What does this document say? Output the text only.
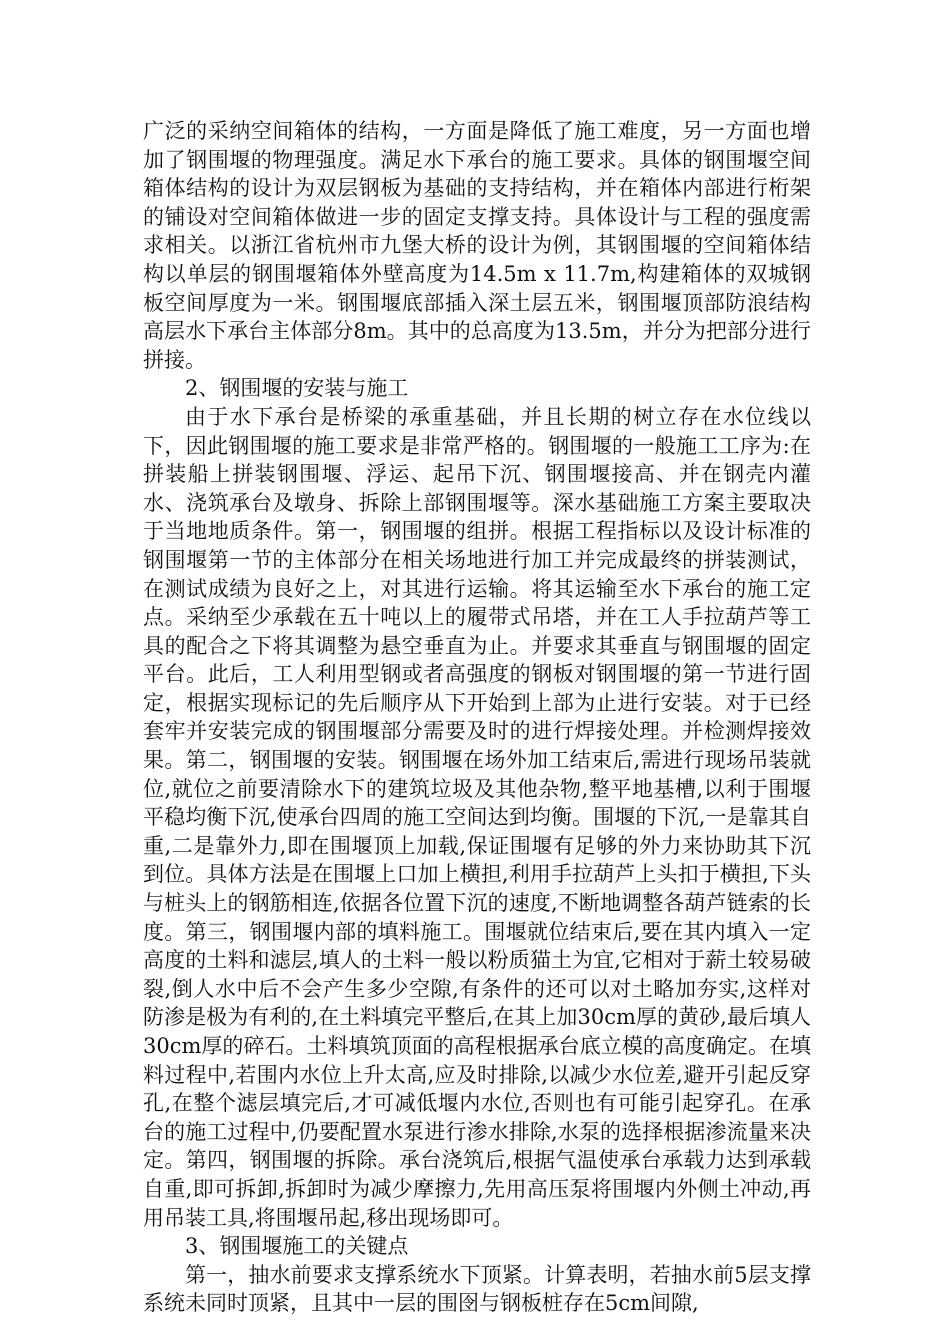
广泛的采纳空间箱体的结构，一方面是降低了施工难度，另一方面也增加了钢围堰的物理强度。满足水下承台的施工要求。具体的钢围堰空间箱体结构的设计为双层钢板为基础的支持结构，并在箱体内部进行桁架的铺设对空间箱体做进一步的固定支撑支持。具体设计与工程的强度需求相关。以浙江省杭州市九堡大桥的设计为例，其钢围堰的空间箱体结构以单层的钢围堰箱体外壁高度为14.5m x 11.7m,构建箱体的双城钢板空间厚度为一米。钢围堰底部插入深土层五米，钢围堰顶部防浪结构高层水下承台主体部分8m。其中的总高度为13.5m，并分为把部分进行拼接。

2、钢围堰的安装与施工

由于水下承台是桥梁的承重基础，并且长期的树立存在水位线以下，因此钢围堰的施工要求是非常严格的。钢围堰的一般施工工序为:在拼装船上拼装钢围堰、浮运、起吊下沉、钢围堰接高、并在钢壳内灌水、浇筑承台及墩身、拆除上部钢围堰等。深水基础施工方案主要取决于当地地质条件。第一，钢围堰的组拼。根据工程指标以及设计标准的钢围堰第一节的主体部分在相关场地进行加工并完成最终的拼装测试，在测试成绩为良好之上，对其进行运输。将其运输至水下承台的施工定点。采纳至少承载在五十吨以上的履带式吊塔，并在工人手拉葫芦等工具的配合之下将其调整为悬空垂直为止。并要求其垂直与钢围堰的固定平台。此后，工人利用型钢或者高强度的钢板对钢围堰的第一节进行固定，根据实现标记的先后顺序从下开始到上部为止进行安装。对于已经套牢并安装完成的钢围堰部分需要及时的进行焊接处理。并检测焊接效果。第二，钢围堰的安装。钢围堰在场外加工结束后,需进行现场吊装就位,就位之前要清除水下的建筑垃圾及其他杂物,整平地基槽,以利于围堰平稳均衡下沉,使承台四周的施工空间达到均衡。围堰的下沉,一是靠其自重,二是靠外力,即在围堰顶上加载,保证围堰有足够的外力来协助其下沉到位。具体方法是在围堰上口加上横担,利用手拉葫芦上头扣于横担,下头与桩头上的钢筋相连,依据各位置下沉的速度,不断地调整各葫芦链索的长度。第三，钢围堰内部的填料施工。围堰就位结束后,要在其内填入一定高度的土料和滤层,填人的土料一般以粉质猫土为宜,它相对于薪土较易破裂,倒人水中后不会产生多少空隙,有条件的还可以对土略加夯实,这样对防渗是极为有利的,在土料填完平整后,在其上加30cm厚的黄砂,最后填人30cm厚的碎石。土料填筑顶面的高程根据承台底立模的高度确定。在填料过程中,若围内水位上升太高,应及时排除,以减少水位差,避开引起反穿孔,在整个滤层填完后,才可减低堰内水位,否则也有可能引起穿孔。在承台的施工过程中,仍要配置水泵进行渗水排除,水泵的选择根据渗流量来决定。第四，钢围堰的拆除。承台浇筑后,根据气温使承台承载力达到承载自重,即可拆卸,拆卸时为减少摩擦力,先用高压泵将围堰内外侧土冲动,再用吊装工具,将围堰吊起,移出现场即可。

3、钢围堰施工的关键点

第一，抽水前要求支撑系统水下顶紧。计算表明，若抽水前5层支撑系统未同时顶紧，且其中一层的围囹与钢板桩存在5cm间隙,
